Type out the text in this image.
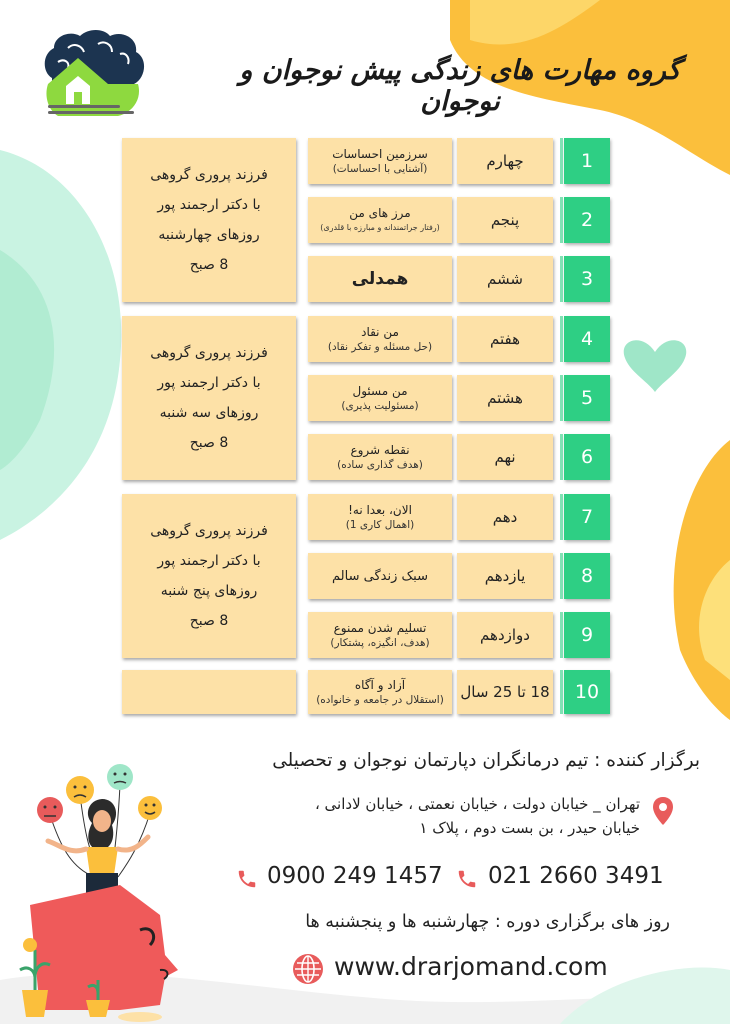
گروه مهارت های زندگی پیش نوجوان و نوجوان
1
چهارم
سرزمین احساسات
(آشنایی با احساسات)
2
پنجم
مرز های من
(رفتار جراتمندانه و مبارزه با قلدری)
3
ششم
همدلی
4
هفتم
من نقاد
(حل مسئله و تفکر نقاد)
5
هشتم
من مسئول
(مسئولیت پذیری)
6
نهم
نقطه شروع
(هدف گذاری ساده)
7
دهم
الان، بعدا نه!
(اهمال کاری 1)
8
یازدهم
سبک زندگی سالم
9
دوازدهم
تسلیم شدن ممنوع
(هدف، انگیزه، پشتکار)
10
18 تا 25 سال
آزاد و آگاه
(استقلال در جامعه و خانواده)
فرزند پروری گروهی
با دکتر ارجمند پور
روزهای چهارشنبه
8 صبح
فرزند پروری گروهی
با دکتر ارجمند پور
روزهای سه شنبه
8 صبح
فرزند پروری گروهی
با دکتر ارجمند پور
روزهای پنج شنبه
8 صبح
برگزار کننده : تیم درمانگران دپارتمان نوجوان و تحصیلی
تهران _ خیابان دولت ، خیابان نعمتی ، خیابان لادانی ،
خیابان حیدر ، بن بست دوم ، پلاک ۱
021 2660 3491
0900 249 1457
روز های برگزاری دوره : چهارشنبه ها و پنجشنبه ها
www.drarjomand.com
